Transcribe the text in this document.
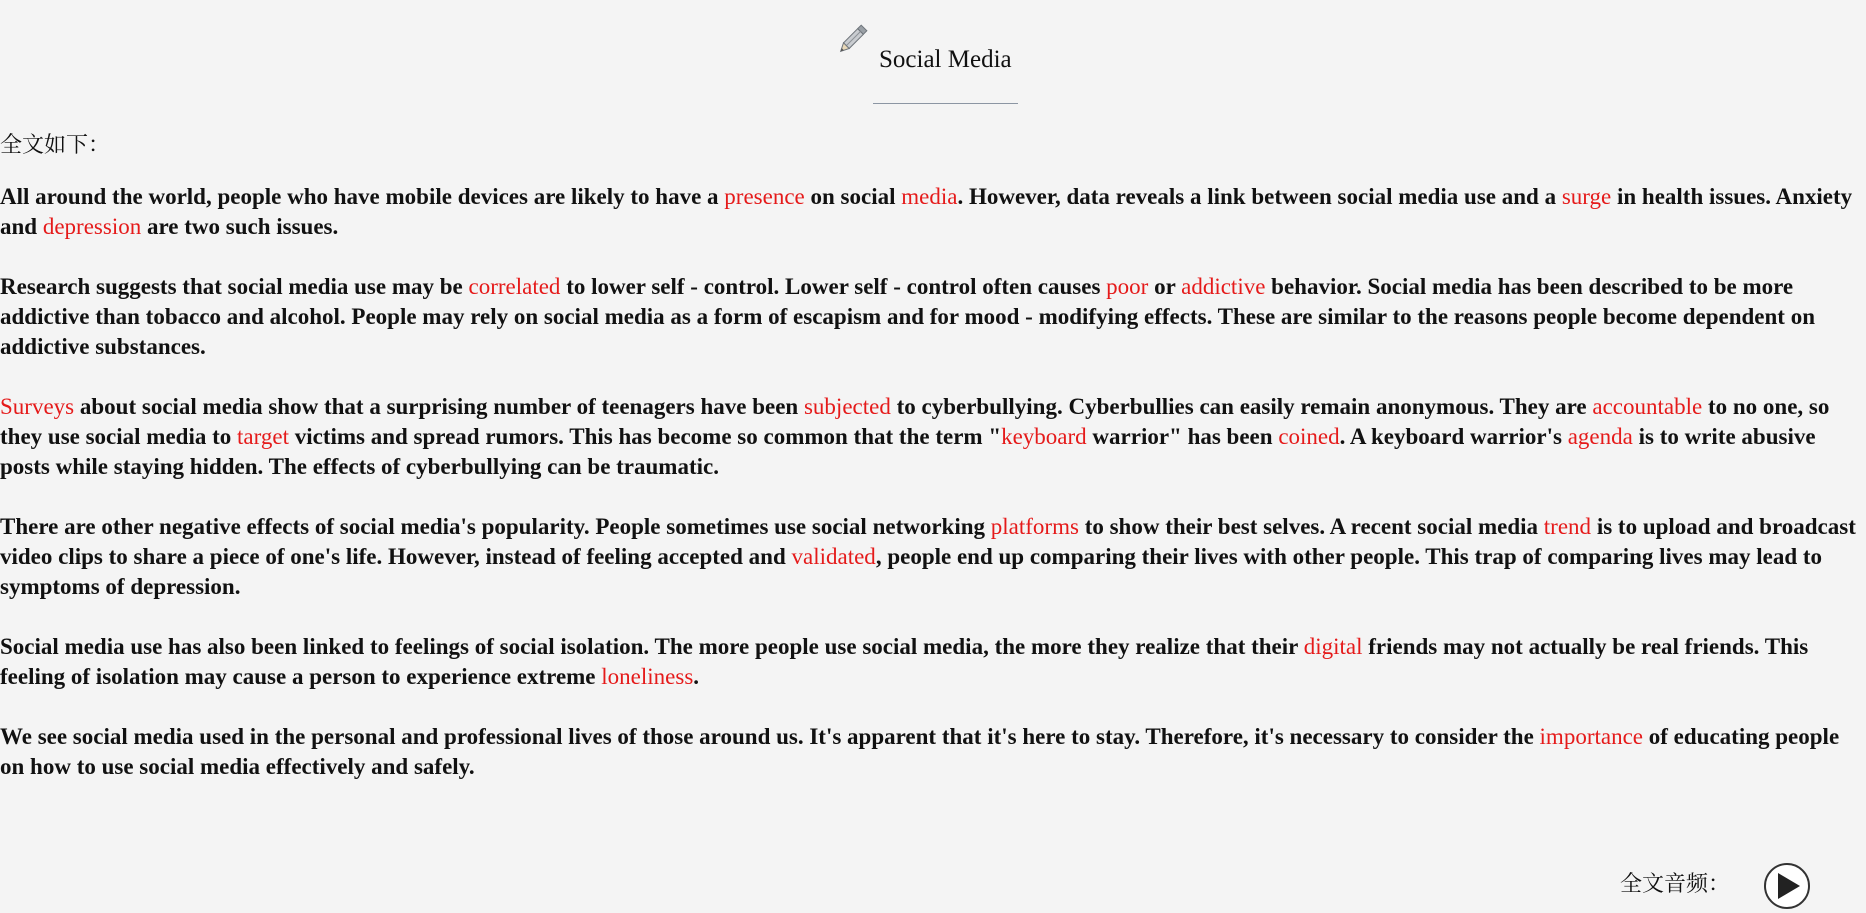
Social Media
全文如下：

All around the world, people who have mobile devices are likely to have a presence on social media. However, data reveals a link between social media use and a surge in health issues. Anxiety and depression are two such issues.

Research suggests that social media use may be correlated to lower self - control. Lower self - control often causes poor or addictive behavior. Social media has been described to be more addictive than tobacco and alcohol. People may rely on social media as a form of escapism and for mood - modifying effects. These are similar to the reasons people become dependent on addictive substances.

Surveys about social media show that a surprising number of teenagers have been subjected to cyberbullying. Cyberbullies can easily remain anonymous. They are accountable to no one, so they use social media to target victims and spread rumors. This has become so common that the term "keyboard warrior" has been coined. A keyboard warrior's agenda is to write abusive posts while staying hidden. The effects of cyberbullying can be traumatic.

There are other negative effects of social media's popularity. People sometimes use social networking platforms to show their best selves. A recent social media trend is to upload and broadcast video clips to share a piece of one's life. However, instead of feeling accepted and validated, people end up comparing their lives with other people. This trap of comparing lives may lead to symptoms of depression.

Social media use has also been linked to feelings of social isolation. The more people use social media, the more they realize that their digital friends may not actually be real friends. This feeling of isolation may cause a person to experience extreme loneliness.

We see social media used in the personal and professional lives of those around us. It's apparent that it's here to stay. Therefore, it's necessary to consider the importance of educating people on how to use social media effectively and safely.

全文音频：
